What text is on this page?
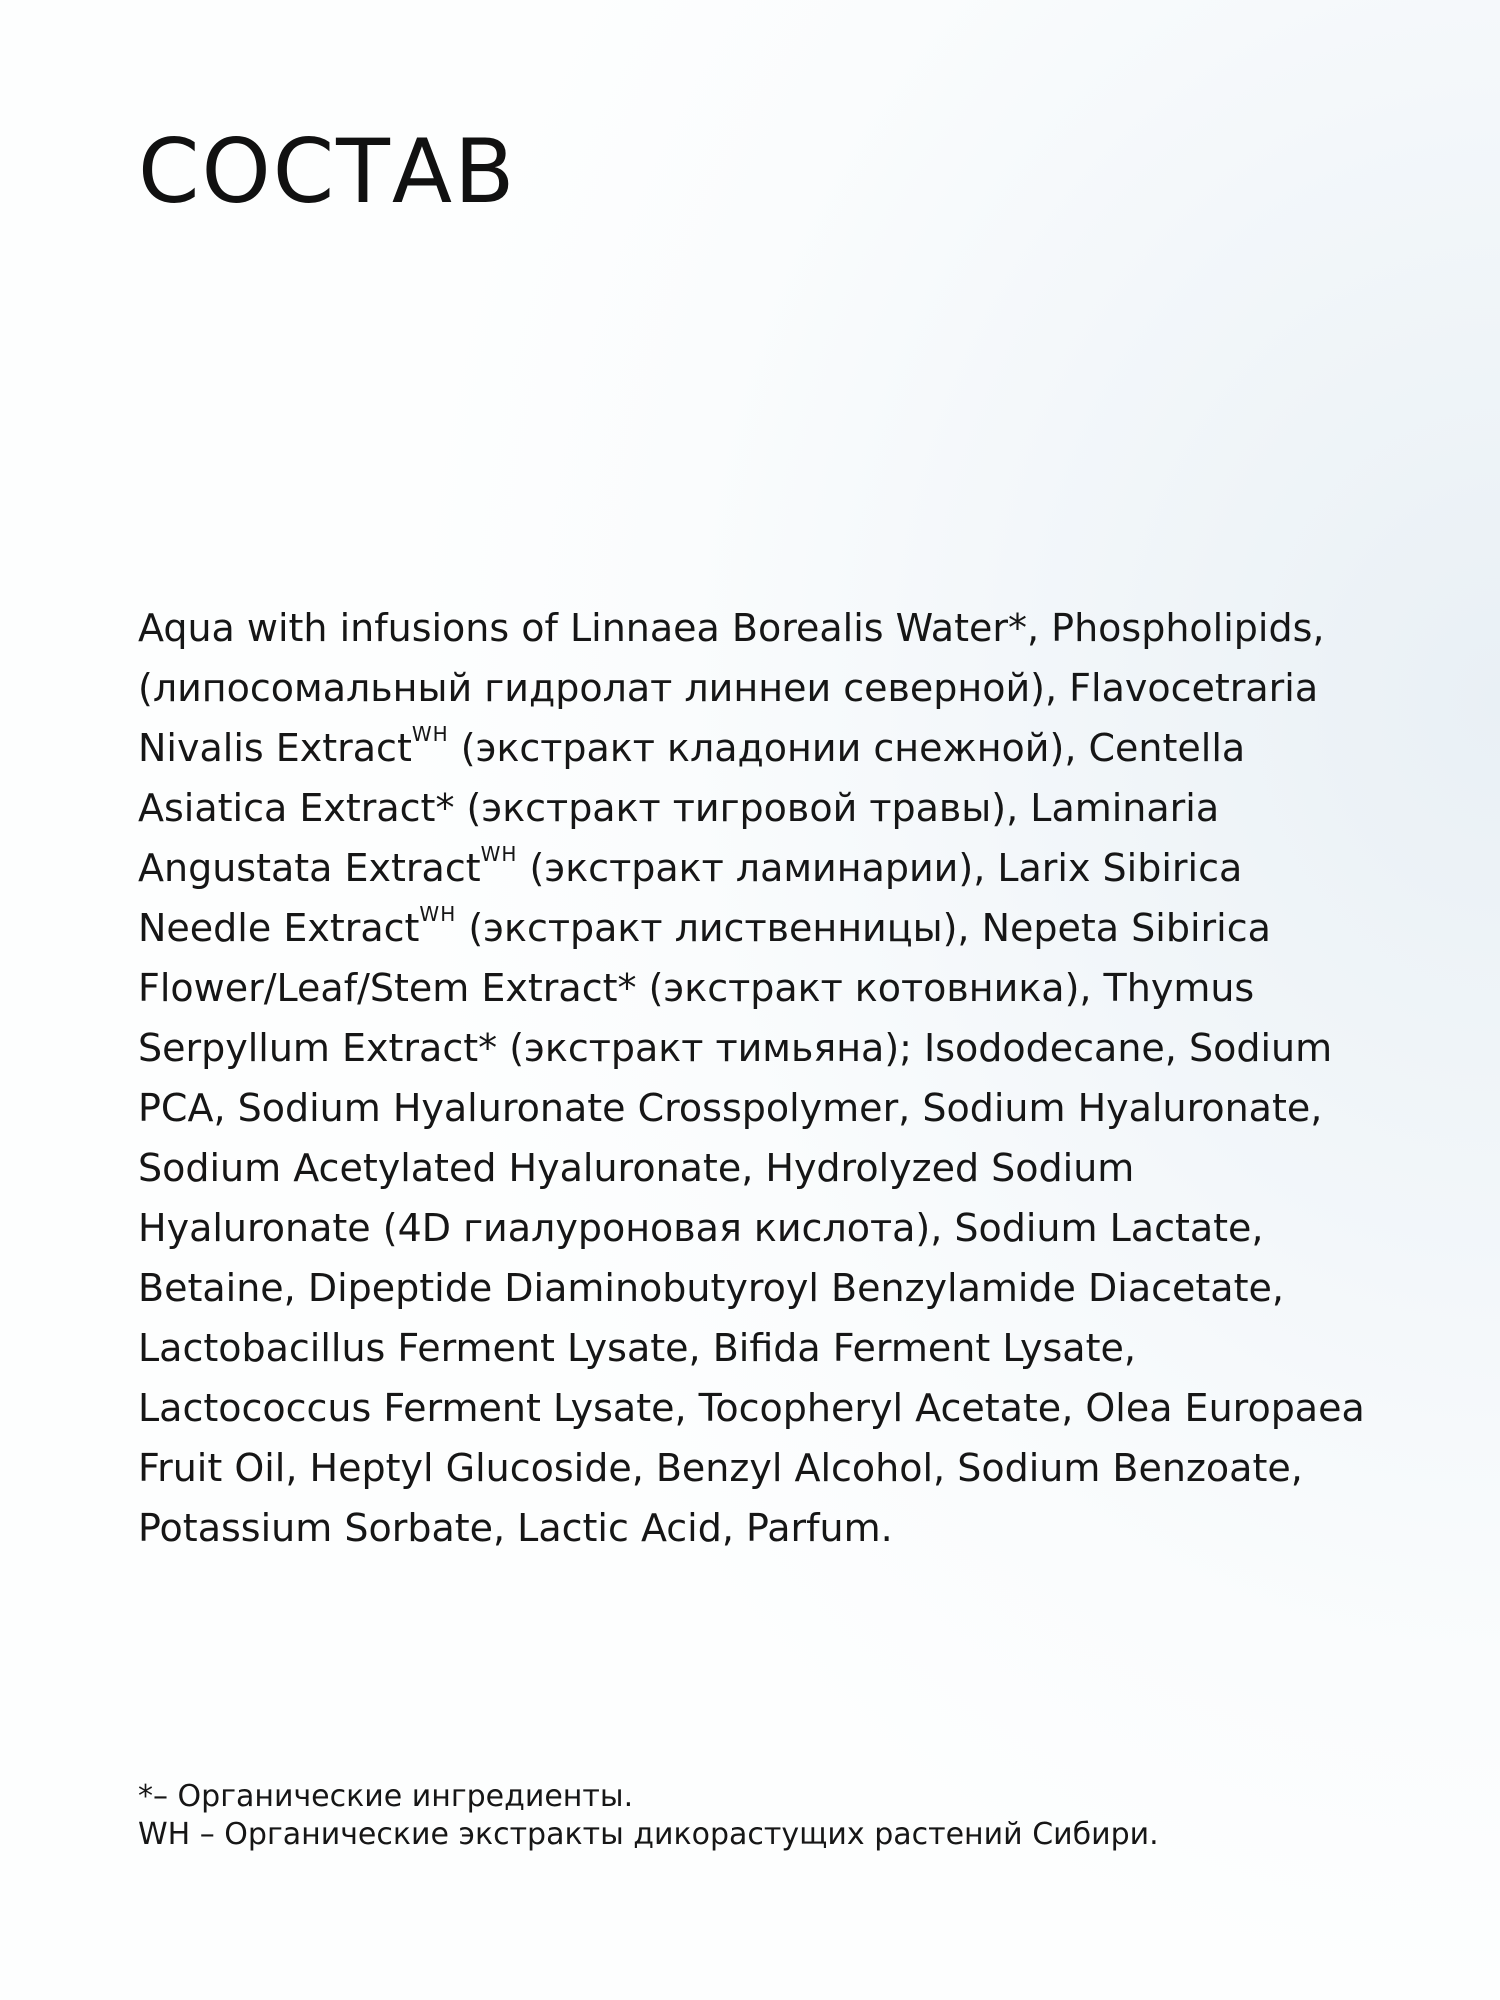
СОСТАВ

Aqua with infusions of Linnaea Borealis Water*, Phospholipids, (липосомальный гидролат линнеи северной), Flavocetraria Nivalis Extract$^{WH}$ (экстракт кладонии снежной), Centella Asiatica Extract* (экстракт тигровой травы), Laminaria Angustata Extract$^{WH}$ (экстракт ламинарии), Larix Sibirica Needle Extract$^{WH}$ (экстракт лиственницы), Nepeta Sibirica Flower/Leaf/Stem Extract* (экстракт котовника), Thymus Serpyllum Extract* (экстракт тимьяна); Isododecane, Sodium PCA, Sodium Hyaluronate Crosspolymer, Sodium Hyaluronate, Sodium Acetylated Hyaluronate, Hydrolyzed Sodium Hyaluronate (4D гиалуроновая кислота), Sodium Lactate, Betaine, Dipeptide Diaminobutyroyl Benzylamide Diacetate, Lactobacillus Ferment Lysate, Bifida Ferment Lysate, Lactococcus Ferment Lysate, Tocopheryl Acetate, Olea Europaea Fruit Oil, Heptyl Glucoside, Benzyl Alcohol, Sodium Benzoate, Potassium Sorbate, Lactic Acid, Parfum.

*– Органические ингредиенты.
WH – Органические экстракты дикорастущих растений Сибири.
